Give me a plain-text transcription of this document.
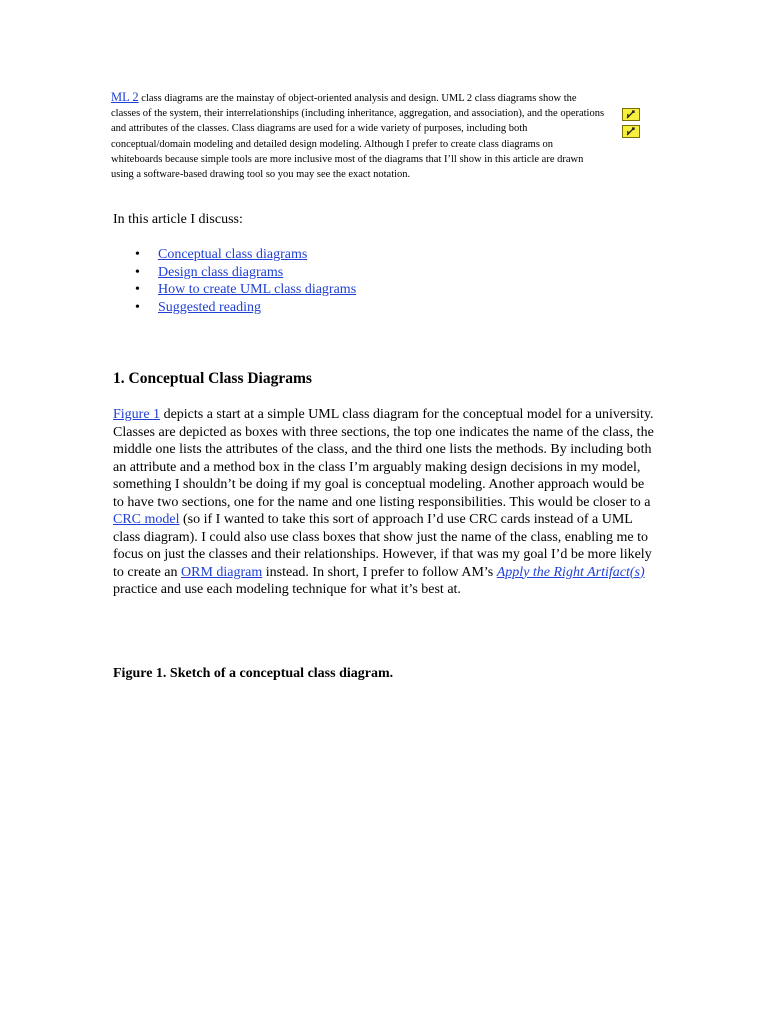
ML 2 class diagrams are the mainstay of object-oriented analysis and design. UML 2 class diagrams show the classes of the system, their interrelationships (including inheritance, aggregation, and association), and the operations and attributes of the classes. Class diagrams are used for a wide variety of purposes, including both conceptual/domain modeling and detailed design modeling. Although I prefer to create class diagrams on whiteboards because simple tools are more inclusive most of the diagrams that I’ll show in this article are drawn using a software-based drawing tool so you may see the exact notation.
In this article I discuss:
• Conceptual class diagrams
• Design class diagrams
• How to create UML class diagrams
• Suggested reading
1. Conceptual Class Diagrams
Figure 1 depicts a start at a simple UML class diagram for the conceptual model for a university. Classes are depicted as boxes with three sections, the top one indicates the name of the class, the middle one lists the attributes of the class, and the third one lists the methods. By including both an attribute and a method box in the class I’m arguably making design decisions in my model, something I shouldn’t be doing if my goal is conceptual modeling. Another approach would be to have two sections, one for the name and one listing responsibilities. This would be closer to a CRC model (so if I wanted to take this sort of approach I’d use CRC cards instead of a UML class diagram). I could also use class boxes that show just the name of the class, enabling me to focus on just the classes and their relationships. However, if that was my goal I’d be more likely to create an ORM diagram instead. In short, I prefer to follow AM’s Apply the Right Artifact(s) practice and use each modeling technique for what it’s best at.
Figure 1. Sketch of a conceptual class diagram.
